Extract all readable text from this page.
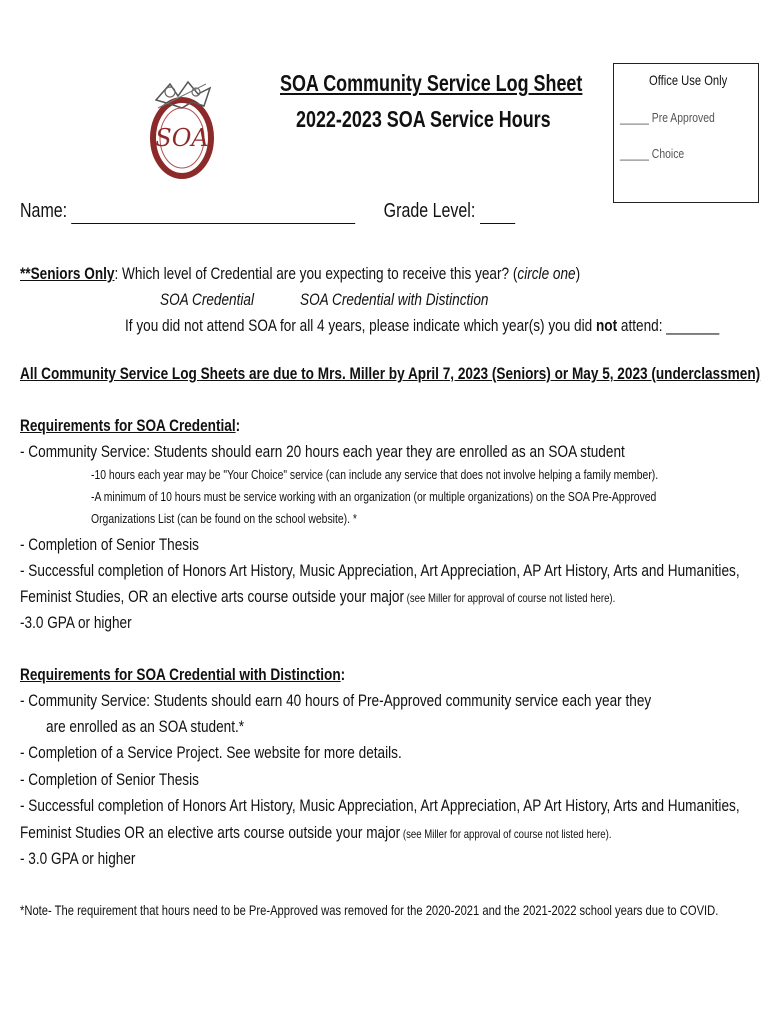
SOA
SOA Community Service Log Sheet
2022-2023 SOA Service Hours
Office Use Only
_____ Pre Approved
_____ Choice
Name:	Grade Level:
**Seniors Only: Which level of Credential are you expecting to receive this year? (circle one)
SOA Credential	SOA Credential with Distinction
If you did not attend SOA for all 4 years, please indicate which year(s) you did not attend: _______
All Community Service Log Sheets are due to Mrs. Miller by April 7, 2023 (Seniors) or May 5, 2023 (underclassmen)
Requirements for SOA Credential:
- Community Service: Students should earn 20 hours each year they are enrolled as an SOA student
-10 hours each year may be "Your Choice" service (can include any service that does not involve helping a family member).
-A minimum of 10 hours must be service working with an organization (or multiple organizations) on the SOA Pre-Approved
Organizations List (can be found on the school website). *
- Completion of Senior Thesis
- Successful completion of Honors Art History, Music Appreciation, Art Appreciation, AP Art History, Arts and Humanities,
Feminist Studies, OR an elective arts course outside your major (see Miller for approval of course not listed here).
-3.0 GPA or higher
Requirements for SOA Credential with Distinction:
- Community Service: Students should earn 40 hours of Pre-Approved community service each year they
are enrolled as an SOA student.*
- Completion of a Service Project. See website for more details.
- Completion of Senior Thesis
- Successful completion of Honors Art History, Music Appreciation, Art Appreciation, AP Art History, Arts and Humanities,
Feminist Studies OR an elective arts course outside your major (see Miller for approval of course not listed here).
- 3.0 GPA or higher
*Note- The requirement that hours need to be Pre-Approved was removed for the 2020-2021 and the 2021-2022 school years due to COVID.
